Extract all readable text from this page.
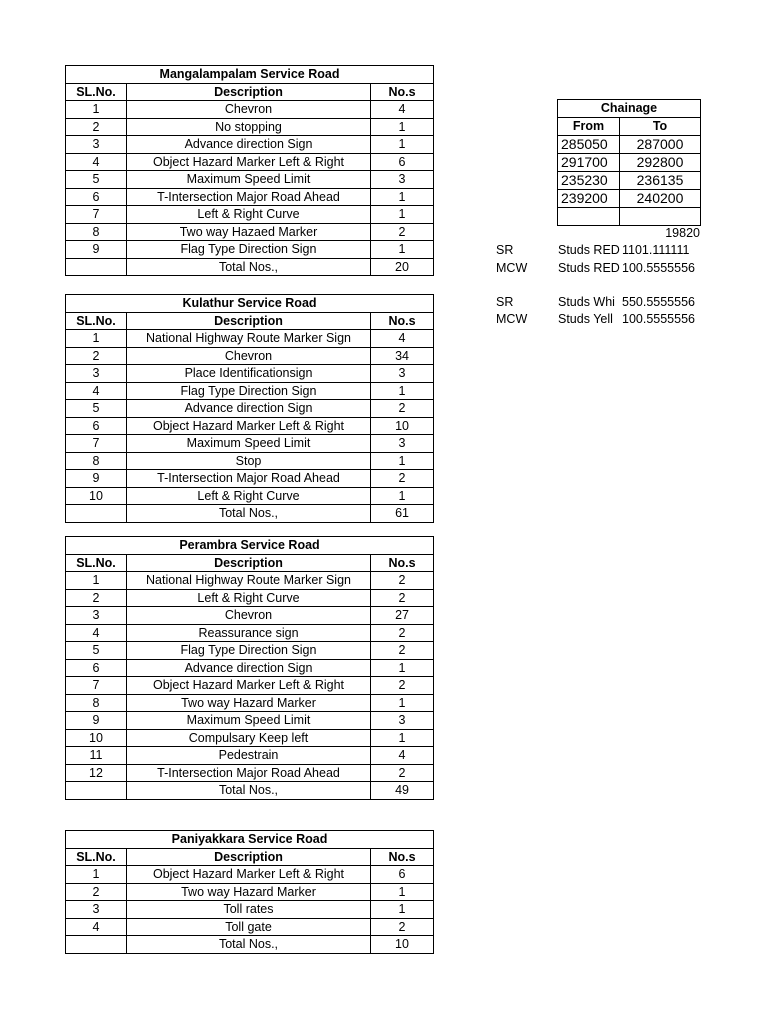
Mangalampalam Service Road		
SL.No.	Description	No.s
1	Chevron	4
2	No stopping	1
3	Advance direction Sign	1
4	Object Hazard Marker Left & Right	6
5	Maximum Speed Limit	3
6	T-Intersection Major Road Ahead	1
7	Left & Right Curve	1
8	Two way Hazaed Marker	2
9	Flag Type Direction Sign	1
	Total Nos.,	20
Kulathur Service Road		
SL.No.	Description	No.s
1	National Highway Route Marker Sign	4
2	Chevron	34
3	Place Identificationsign	3
4	Flag Type Direction Sign	1
5	Advance direction Sign	2
6	Object Hazard Marker Left & Right	10
7	Maximum Speed Limit	3
8	Stop	1
9	T-Intersection Major Road Ahead	2
10	Left & Right Curve	1
	Total Nos.,	61
Perambra Service Road		
SL.No.	Description	No.s
1	National Highway Route Marker Sign	2
2	Left & Right Curve	2
3	Chevron	27
4	Reassurance sign	2
5	Flag Type Direction Sign	2
6	Advance direction Sign	1
7	Object Hazard Marker Left & Right	2
8	Two way Hazard Marker	1
9	Maximum Speed Limit	3
10	Compulsary Keep left	1
11	Pedestrain	4
12	T-Intersection Major Road Ahead	2
	Total Nos.,	49
Paniyakkara Service Road		
SL.No.	Description	No.s
1	Object Hazard Marker Left & Right	6
2	Two way Hazard Marker	1
3	Toll rates	1
4	Toll gate	2
	Total Nos.,	10
Chainage	
From	To
285050	287000
291700	292800
235230	236135
239200	240200

19820
SR	Studs RED 1101.111111
MCW Studs RED 100.5555556
SR	Studs Whi 550.5555556
MCW Studs Yell 100.5555556
